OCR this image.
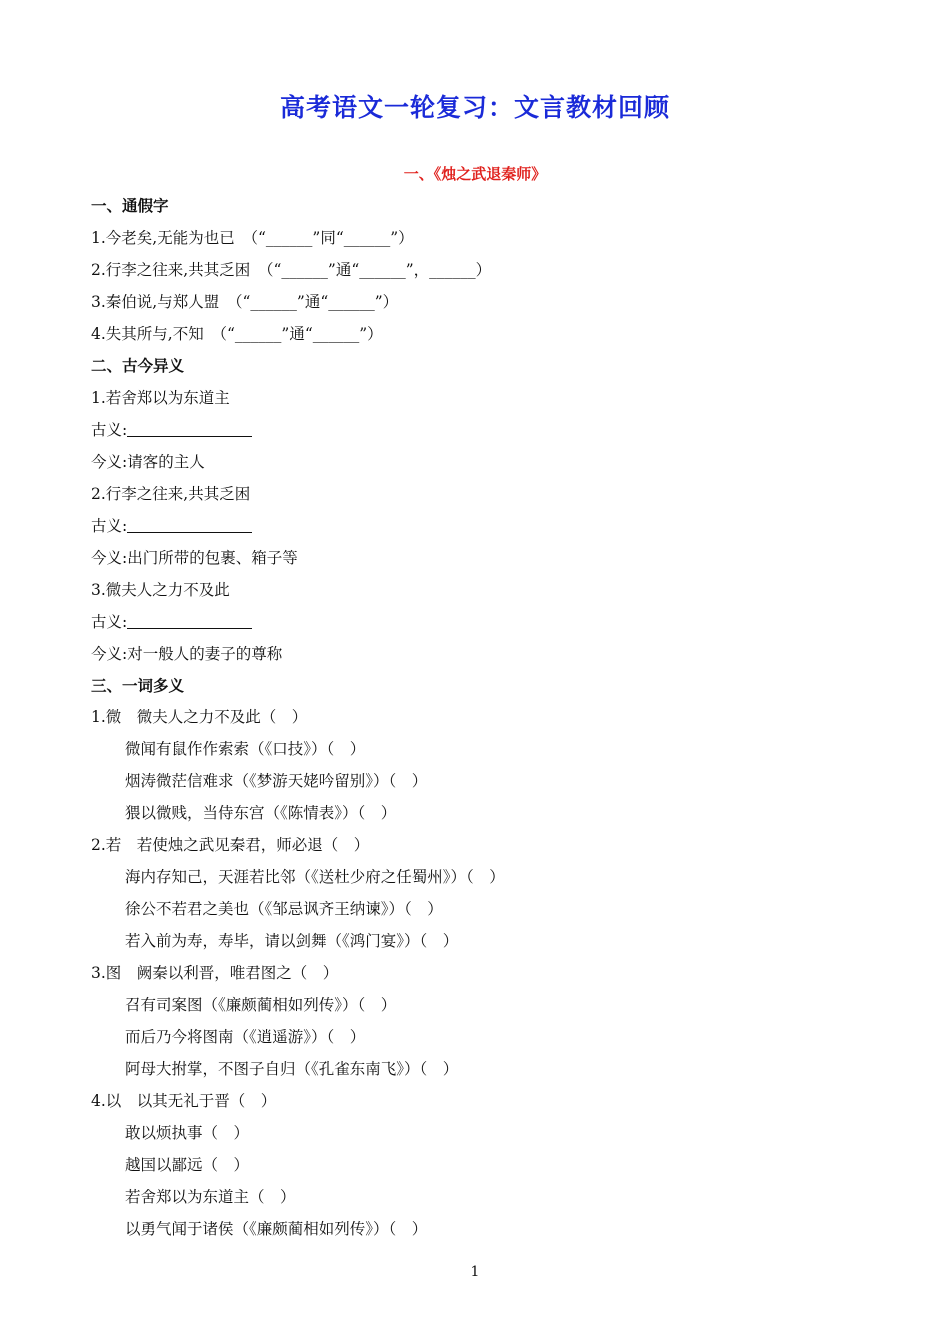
高考语文一轮复习：文言教材回顾
一、《烛之武退秦师》
一、通假字
1.今老矣,无能为也已　（“______”同“______”）
2.行李之往来,共其乏困　（“______”通“______”，______）
3.秦伯说,与郑人盟　（“______”通“______”）
4.失其所与,不知　（“______”通“______”）
二、古今异义
1.若舍郑以为东道主
古义:
今义:请客的主人
2.行李之往来,共其乏困
古义:
今义:出门所带的包裹、箱子等
3.微夫人之力不及此
古义:
今义:对一般人的妻子的尊称
三、一词多义
1.微　微夫人之力不及此（　）
微闻有鼠作作索索（《口技》）（　）
烟涛微茫信难求（《梦游天姥吟留别》）（　）
猥以微贱，当侍东宫（《陈情表》）（　）
2.若　若使烛之武见秦君，师必退（　）
海内存知己，天涯若比邻（《送杜少府之任蜀州》）（　）
徐公不若君之美也（《邹忌讽齐王纳谏》）（　）
若入前为寿，寿毕，请以剑舞（《鸿门宴》）（　）
3.图　阙秦以利晋，唯君图之（　）
召有司案图（《廉颇蔺相如列传》）（　）
而后乃今将图南（《逍遥游》）（　）
阿母大拊掌，不图子自归（《孔雀东南飞》）（　）
4.以　以其无礼于晋（　）
敢以烦执事（　）
越国以鄙远（　）
若舍郑以为东道主（　）
以勇气闻于诸侯（《廉颇蔺相如列传》）（　）
1
